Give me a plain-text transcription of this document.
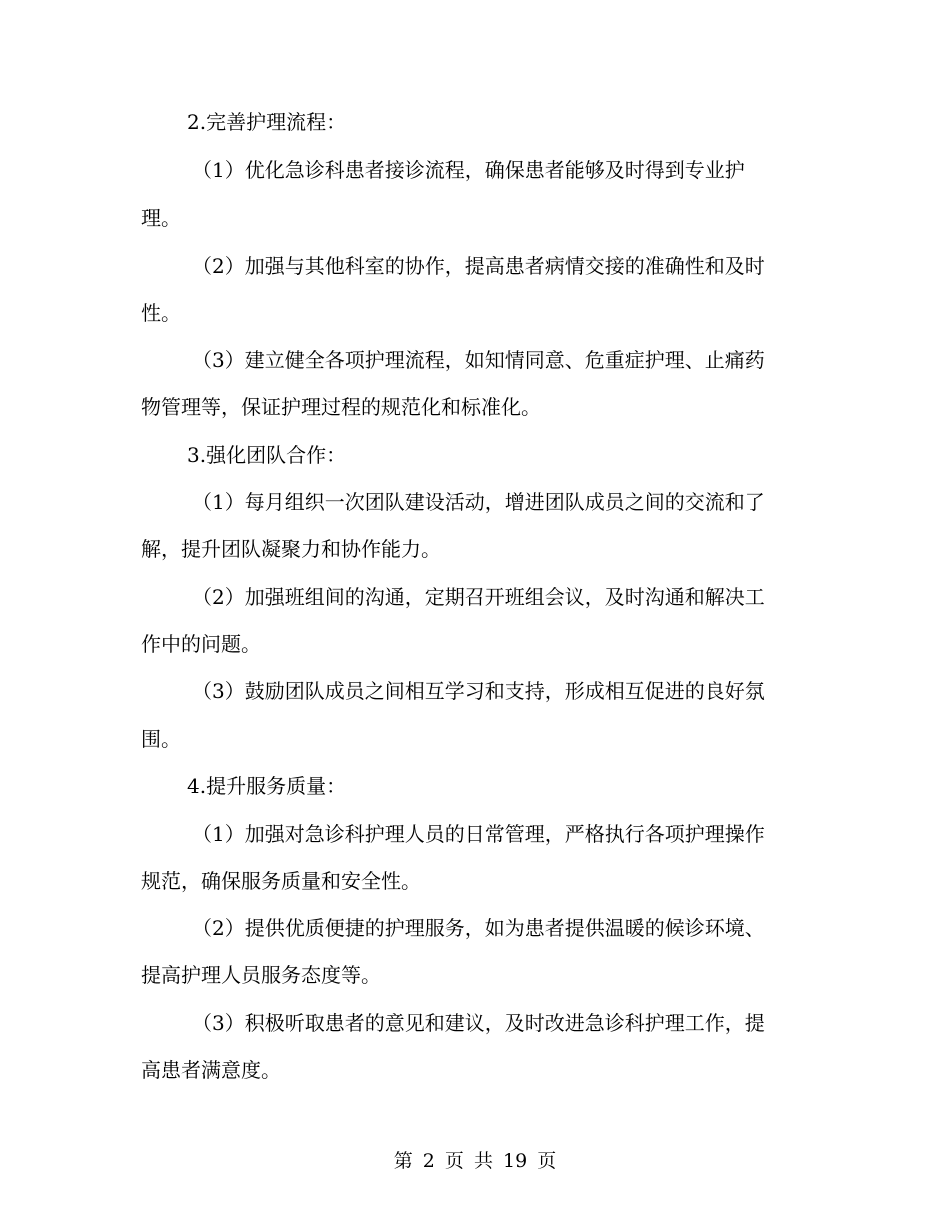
2.完善护理流程：
（1）优化急诊科患者接诊流程，确保患者能够及时得到专业护
理。
（2）加强与其他科室的协作，提高患者病情交接的准确性和及时
性。
（3）建立健全各项护理流程，如知情同意、危重症护理、止痛药
物管理等，保证护理过程的规范化和标准化。
3.强化团队合作：
（1）每月组织一次团队建设活动，增进团队成员之间的交流和了
解，提升团队凝聚力和协作能力。
（2）加强班组间的沟通，定期召开班组会议，及时沟通和解决工
作中的问题。
（3）鼓励团队成员之间相互学习和支持，形成相互促进的良好氛
围。
4.提升服务质量：
（1）加强对急诊科护理人员的日常管理，严格执行各项护理操作
规范，确保服务质量和安全性。
（2）提供优质便捷的护理服务，如为患者提供温暖的候诊环境、
提高护理人员服务态度等。
（3）积极听取患者的意见和建议，及时改进急诊科护理工作，提
高患者满意度。
第 2 页 共 19 页
